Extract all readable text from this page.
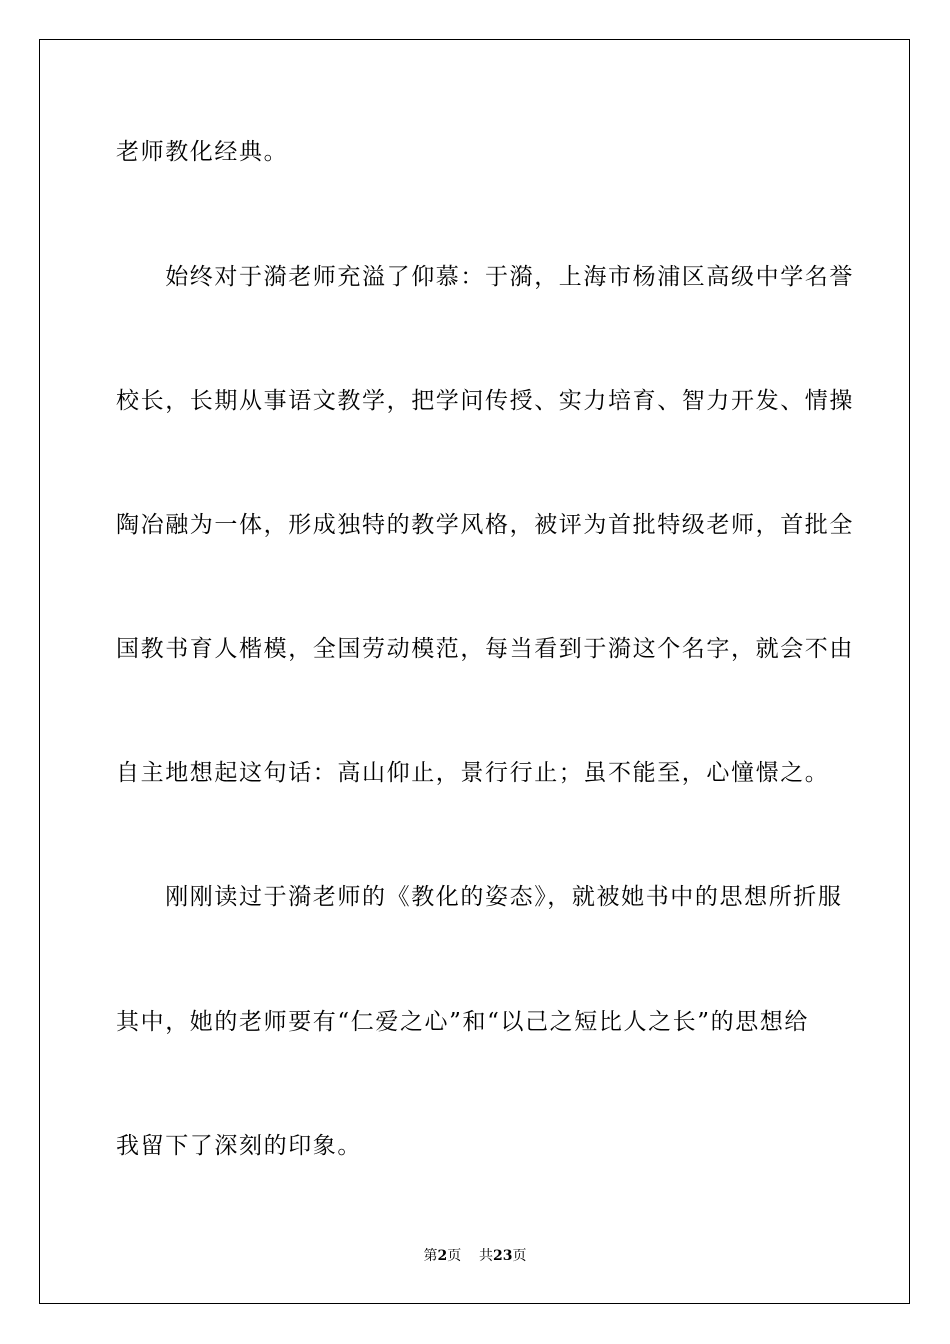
老师教化经典。
　　始终对于漪老师充溢了仰慕：于漪，上海市杨浦区高级中学名誉
校长，长期从事语文教学，把学问传授、实力培育、智力开发、情操
陶冶融为一体，形成独特的教学风格，被评为首批特级老师，首批全
国教书育人楷模，全国劳动模范，每当看到于漪这个名字，就会不由
自主地想起这句话：高山仰止，景行行止；虽不能至，心憧憬之。
　　刚刚读过于漪老师的《教化的姿态》，就被她书中的思想所折服
其中，她的老师要有“仁爱之心”和“以己之短比人之长”的思想给
我留下了深刻的印象。
第2页 共23页
